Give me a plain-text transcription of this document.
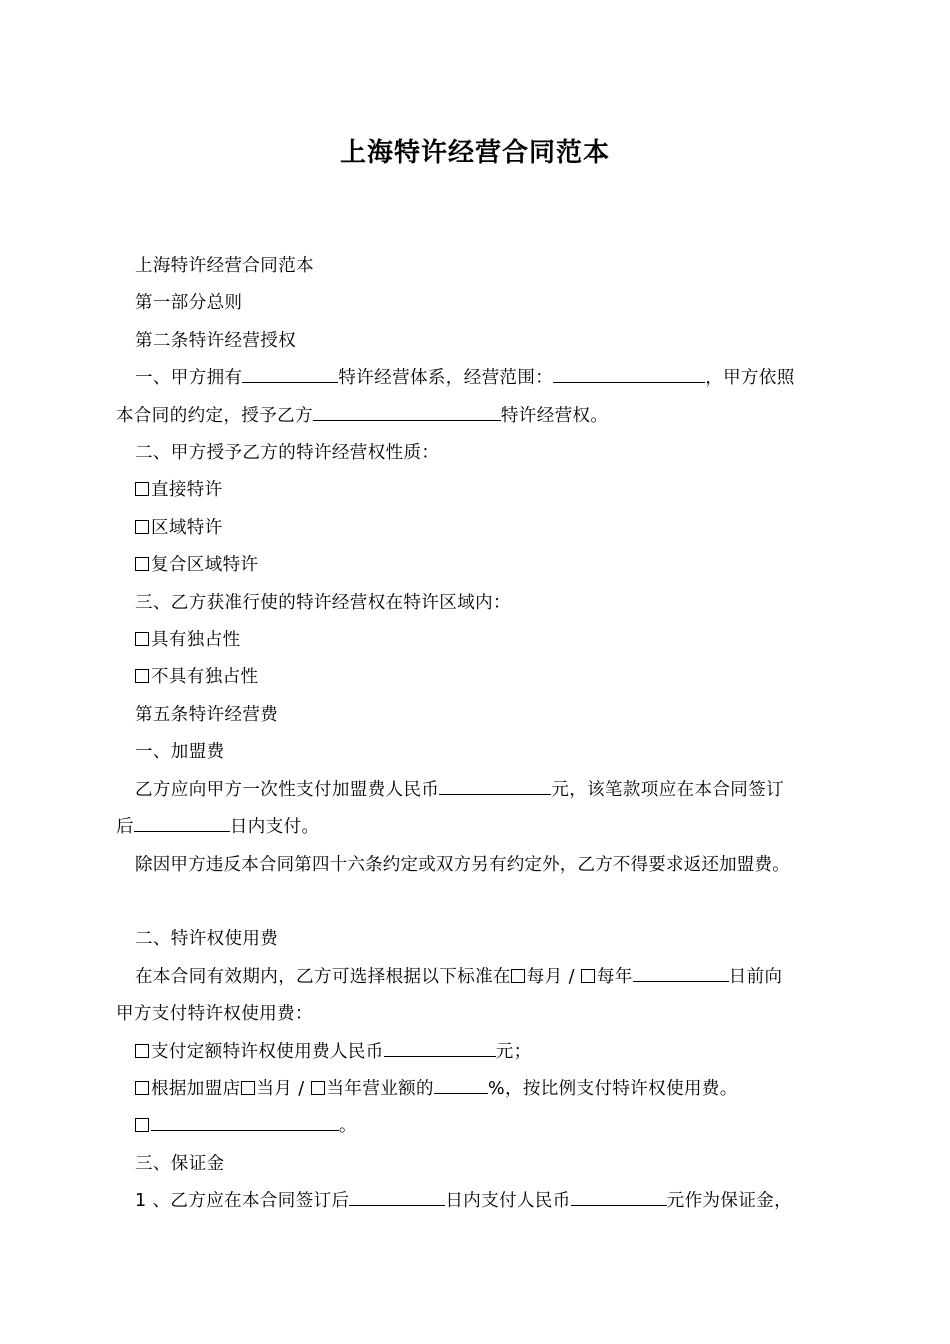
上海特许经营合同范本

上海特许经营合同范本

第一部分总则

第二条特许经营授权

一、甲方拥有	特许经营体系，经营范围：	，甲方依照

本合同的约定，授予乙方	特许经营权。

二、甲方授予乙方的特许经营权性质：

直接特许

区域特许

复合区域特许

三、乙方获准行使的特许经营权在特许区域内：

具有独占性

不具有独占性

第五条特许经营费

一、加盟费

乙方应向甲方一次性支付加盟费人民币	元，该笔款项应在本合同签订

后	日内支付。

除因甲方违反本合同第四十六条约定或双方另有约定外，乙方不得要求返还加盟费。

二、特许权使用费

在本合同有效期内，乙方可选择根据以下标准在 每月 / 每年	日前向

甲方支付特许权使用费：

支付定额特许权使用费人民币	元；

根据加盟店 当月 / 当年营业额的	%，按比例支付特许权使用费。

。

三、保证金

1 、乙方应在本合同签订后	日内支付人民币	元作为保证金，
